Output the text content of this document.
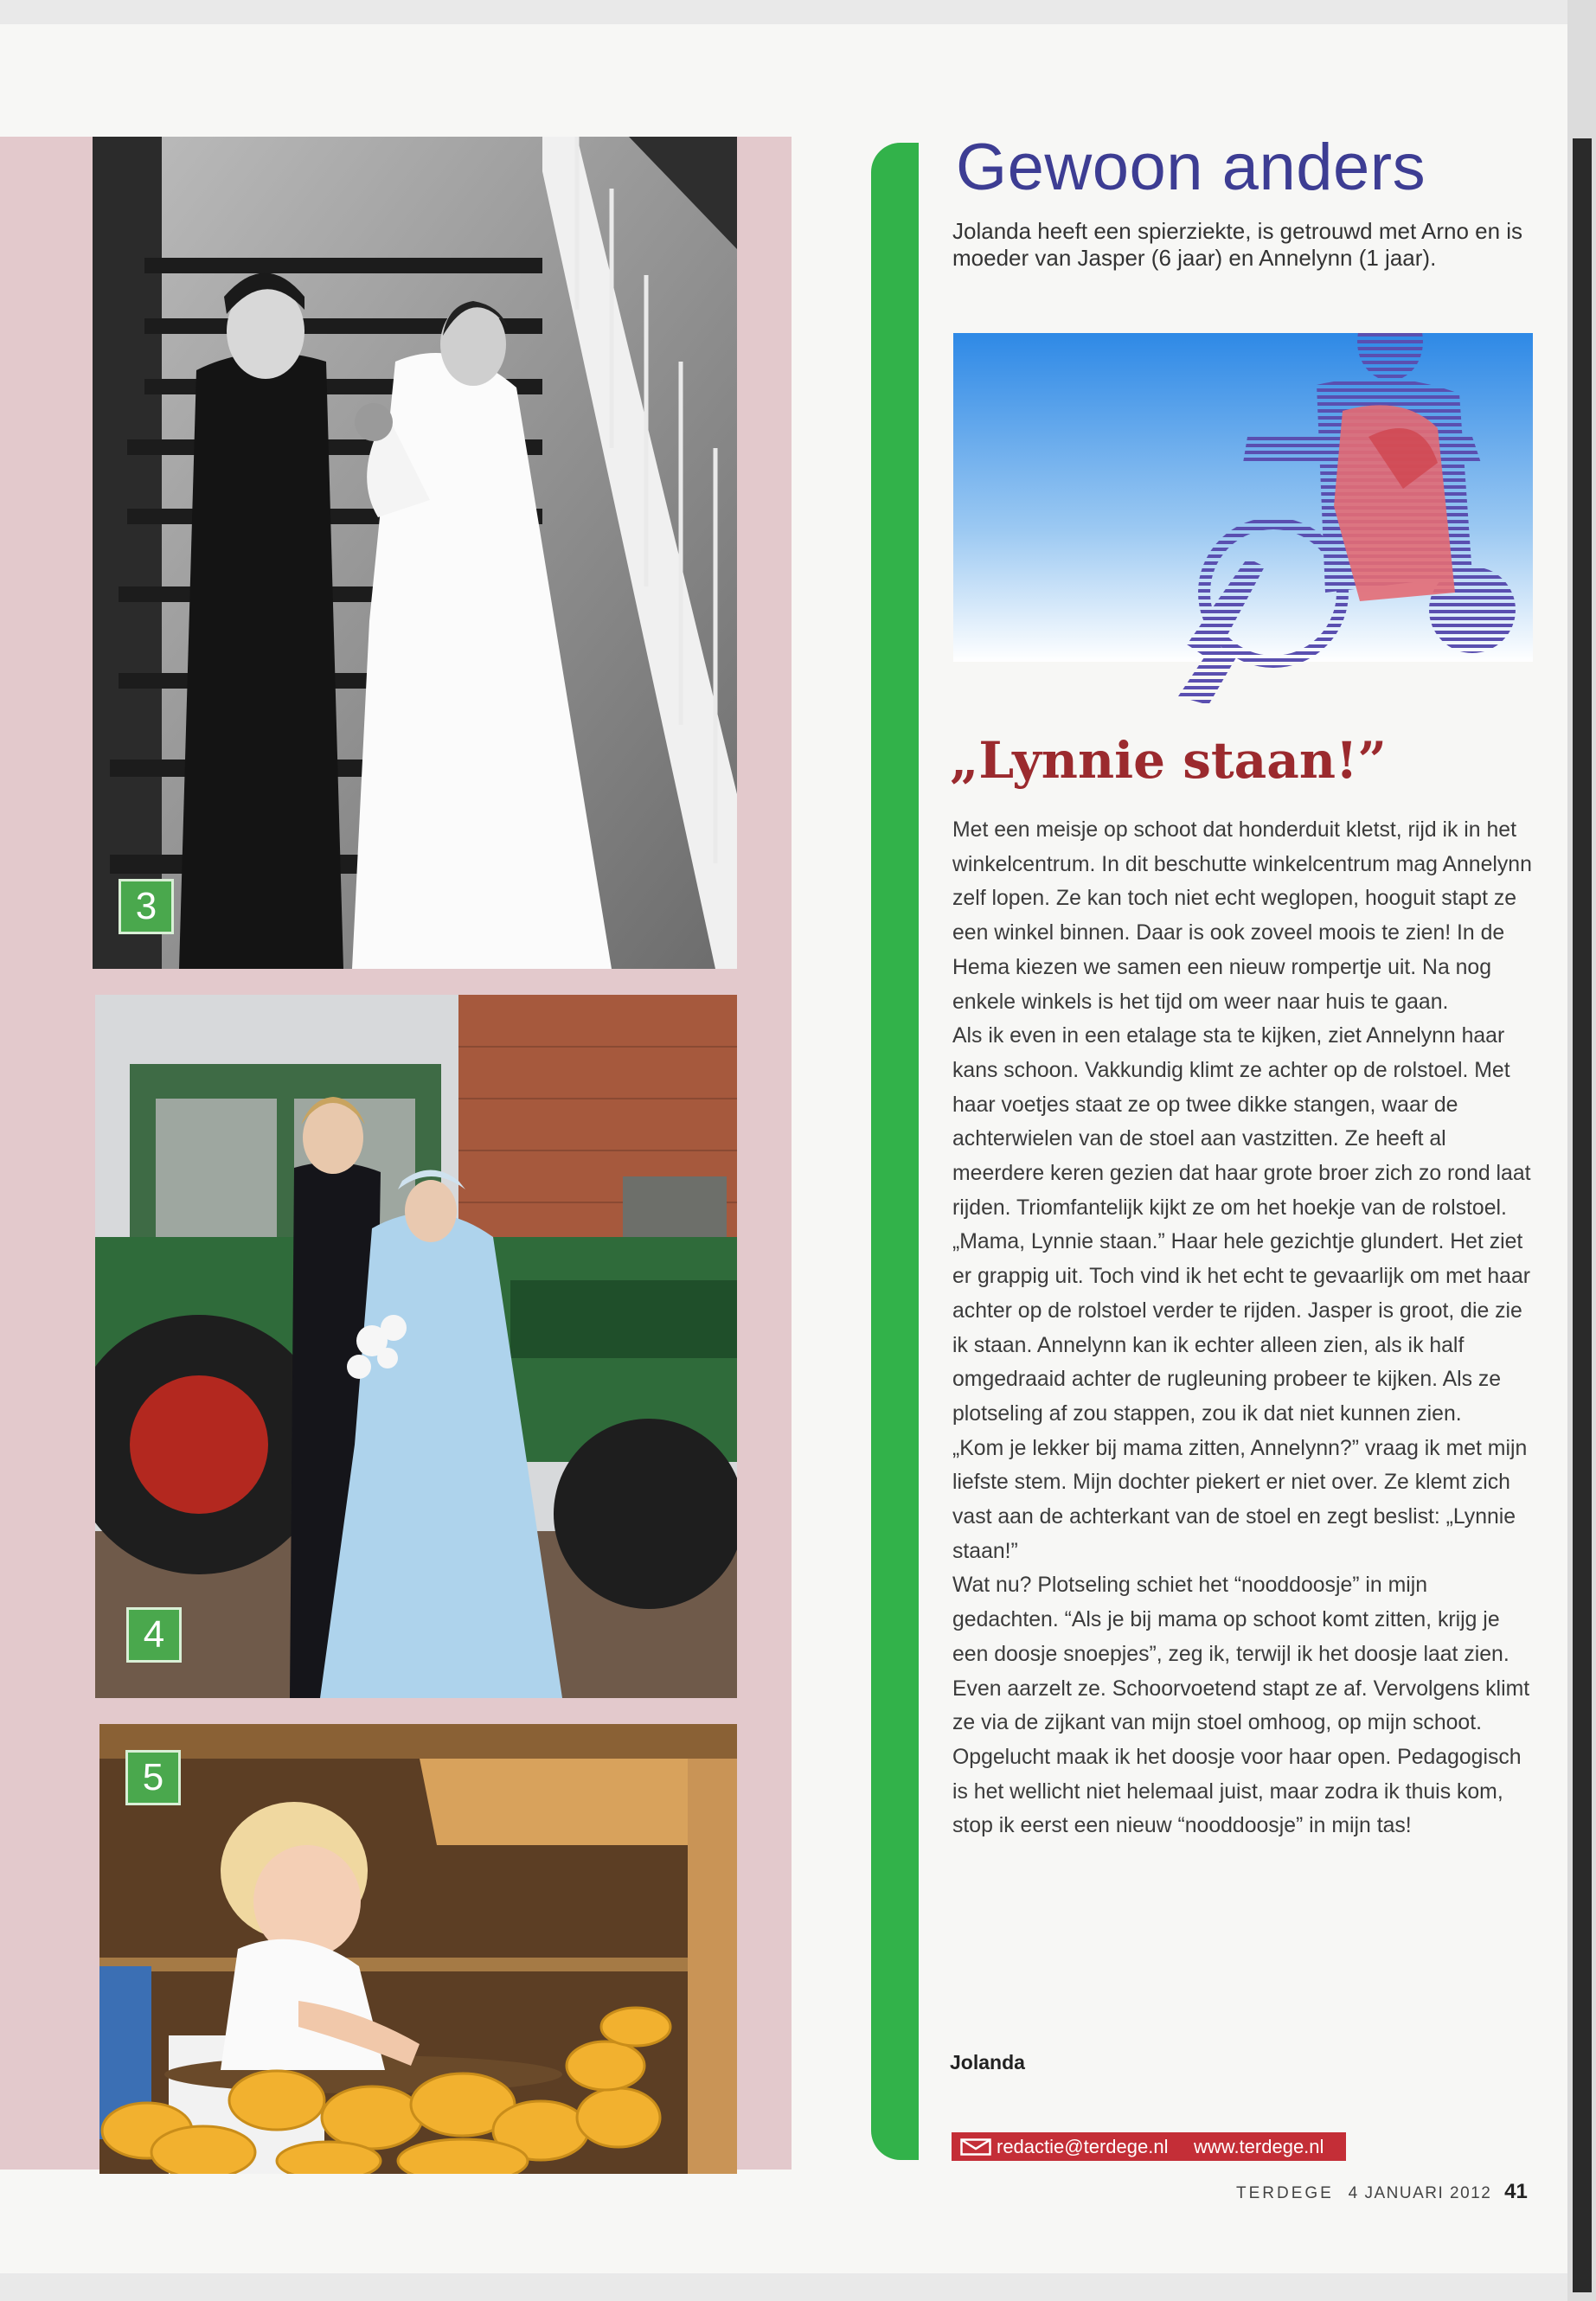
3
4
5
Gewoon anders

Jolanda heeft een spierziekte, is getrouwd met Arno en is moeder van Jasper (6 jaar) en Annelynn (1 jaar).

„Lynnie staan!”

Met een meisje op schoot dat honderduit kletst, rijd ik in het winkelcentrum. In dit beschutte winkelcentrum mag Annelynn zelf lopen. Ze kan toch niet echt weglopen, hooguit stapt ze een winkel binnen. Daar is ook zoveel moois te zien! In de Hema kiezen we samen een nieuw rompertje uit. Na nog enkele winkels is het tijd om weer naar huis te gaan.
Als ik even in een etalage sta te kijken, ziet Annelynn haar kans schoon. Vakkundig klimt ze achter op de rolstoel. Met haar voetjes staat ze op twee dikke stangen, waar de achterwielen van de stoel aan vastzitten. Ze heeft al meerdere keren gezien dat haar grote broer zich zo rond laat rijden. Triomfantelijk kijkt ze om het hoekje van de rolstoel. „Mama, Lynnie staan.” Haar hele gezichtje glundert. Het ziet er grappig uit. Toch vind ik het echt te gevaarlijk om met haar achter op de rolstoel verder te rijden. Jasper is groot, die zie ik staan. Annelynn kan ik echter alleen zien, als ik half omgedraaid achter de rugleuning probeer te kijken. Als ze plotseling af zou stappen, zou ik dat niet kunnen zien.
„Kom je lekker bij mama zitten, Annelynn?” vraag ik met mijn liefste stem. Mijn dochter piekert er niet over. Ze klemt zich vast aan de achterkant van de stoel en zegt beslist: „Lynnie staan!”
Wat nu? Plotseling schiet het “nooddoosje” in mijn gedachten. “Als je bij mama op schoot komt zitten, krijg je een doosje snoepjes”, zeg ik, terwijl ik het doosje laat zien.
Even aarzelt ze. Schoorvoetend stapt ze af. Vervolgens klimt ze via de zijkant van mijn stoel omhoog, op mijn schoot. Opgelucht maak ik het doosje voor haar open. Pedagogisch is het wellicht niet helemaal juist, maar zodra ik thuis kom, stop ik eerst een nieuw “nooddoosje” in mijn tas!

Jolanda

redactie@terdege.nl www.terdege.nl
TERDEGE 4 JANUARI 2012 41
